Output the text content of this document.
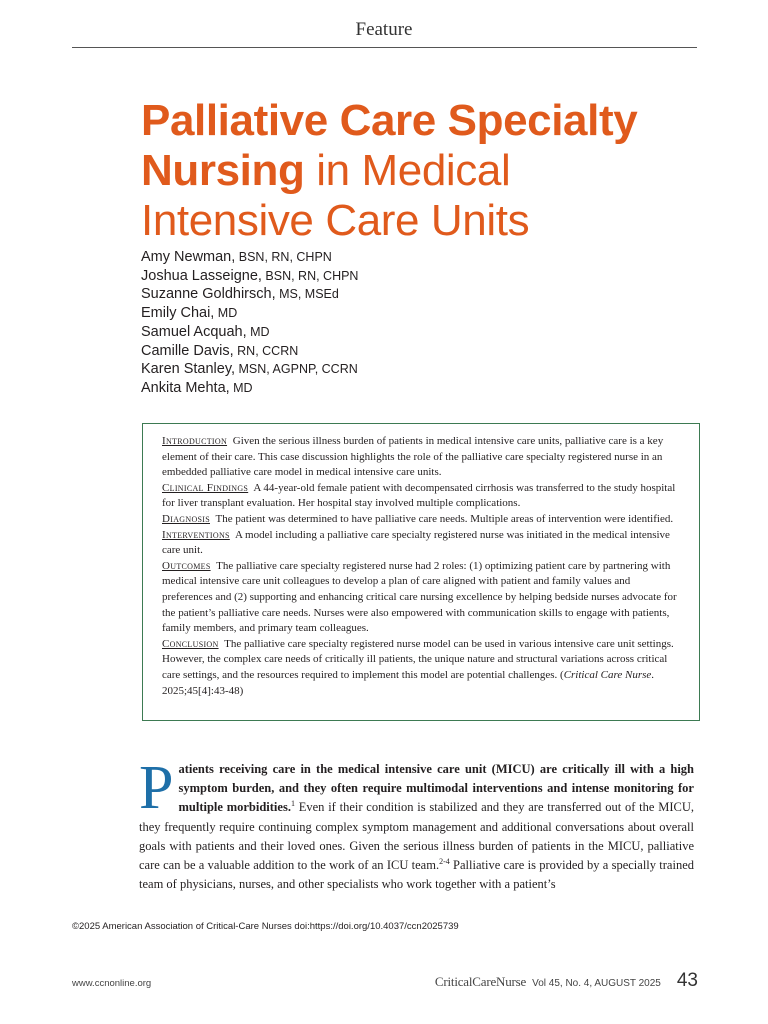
Feature
Palliative Care Specialty
Nursing in Medical
Intensive Care Units
Amy Newman, BSN, RN, CHPN
Joshua Lasseigne, BSN, RN, CHPN
Suzanne Goldhirsch, MS, MSEd
Emily Chai, MD
Samuel Acquah, MD
Camille Davis, RN, CCRN
Karen Stanley, MSN, AGPNP, CCRN
Ankita Mehta, MD

Introduction Given the serious illness burden of patients in medical intensive care units, palliative care is a key element of their care. This case discussion highlights the role of the palliative care specialty registered nurse in an embedded palliative care model in medical intensive care units.

Clinical Findings A 44-year-old female patient with decompensated cirrhosis was transferred to the study hospital for liver transplant evaluation. Her hospital stay involved multiple complications.

Diagnosis The patient was determined to have palliative care needs. Multiple areas of intervention were identified.

Interventions A model including a palliative care specialty registered nurse was initiated in the medical intensive care unit.

Outcomes The palliative care specialty registered nurse had 2 roles: (1) optimizing patient care by partnering with medical intensive care unit colleagues to develop a plan of care aligned with patient and family values and preferences and (2) supporting and enhancing critical care nursing excellence by helping bedside nurses advocate for the patient’s palliative care needs. Nurses were also empowered with communication skills to engage with patients, family members, and primary team colleagues.

Conclusion The palliative care specialty registered nurse model can be used in various intensive care unit settings. However, the complex care needs of critically ill patients, the unique nature and structural variations across critical care settings, and the resources required to implement this model are potential challenges. (Critical Care Nurse. 2025;45[4]:43-48)

Patients receiving care in the medical intensive care unit (MICU) are critically ill with a high symptom burden, and they often require multimodal interventions and intense monitoring for multiple morbidities.$^1$ Even if their condition is stabilized and they are transferred out of the MICU, they frequently require continuing complex symptom management and additional conversations about overall goals with patients and their loved ones. Given the serious illness burden of patients in the MICU, palliative care can be a valuable addition to the work of an ICU team.$^{2-4}$ Palliative care is provided by a specially trained team of physicians, nurses, and other specialists who work together with a patient’s

©2025 American Association of Critical-Care Nurses doi:https://doi.org/10.4037/ccn2025739
www.ccnonline.org	CriticalCareNurse Vol 45, No. 4, AUGUST 2025 43
